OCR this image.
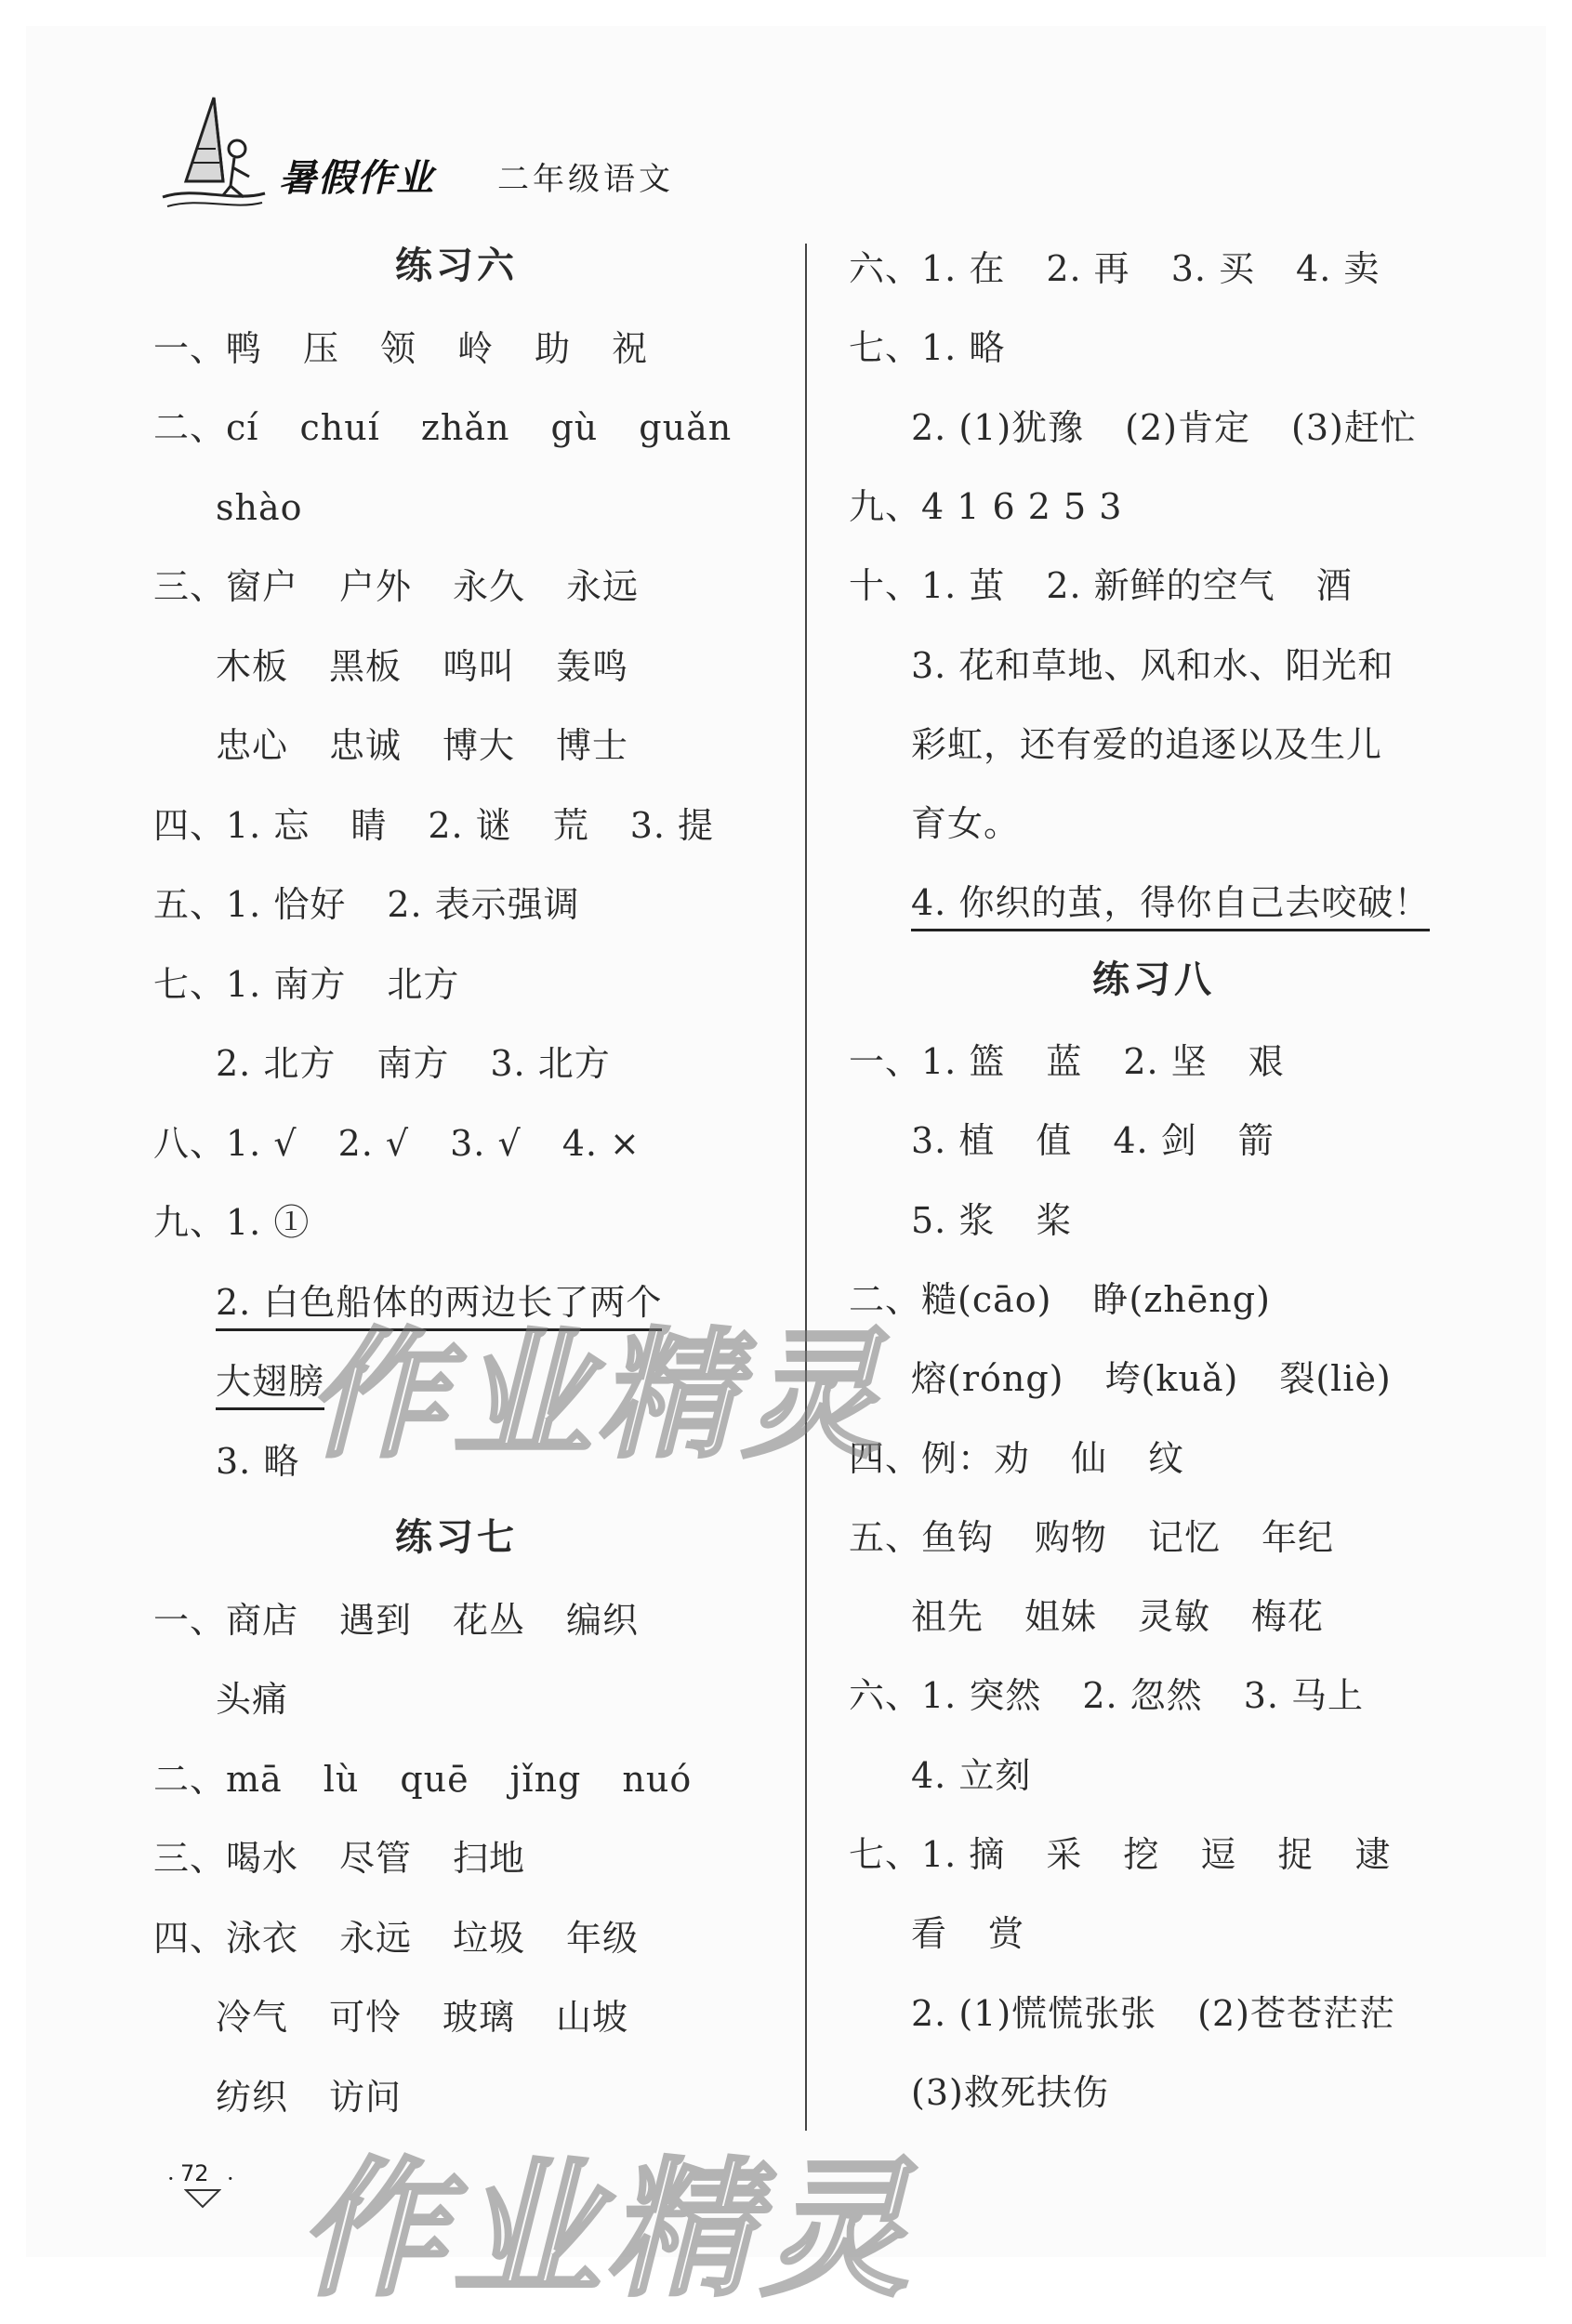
暑假作业 二年级语文
练习六
一、鸭 压 领 岭 助 祝
二、cí chuí zhǎn gù guǎn
shào
三、窗户 户外 永久 永远
木板 黑板 鸣叫 轰鸣
忠心 忠诚 博大 博士
四、1. 忘 睛 2. 谜 荒 3. 提
五、1. 恰好 2. 表示强调
七、1. 南方 北方
2. 北方 南方 3. 北方
八、1. √ 2. √ 3. √ 4. ×
九、1. ①
2. 白色船体的两边长了两个
大翅膀
3. 略
练习七
一、商店 遇到 花丛 编织
头痛
二、mā lù quē jǐng nuó
三、喝水 尽管 扫地
四、泳衣 永远 垃圾 年级
冷气 可怜 玻璃 山坡
纺织 访问
六、1. 在 2. 再 3. 买 4. 卖
七、1. 略
2. (1)犹豫 (2)肯定 (3)赶忙
九、4 1 6 2 5 3
十、1. 茧 2. 新鲜的空气 酒
3. 花和草地、风和水、阳光和
彩虹，还有爱的追逐以及生儿
育女。
4. 你织的茧，得你自己去咬破！
练习八
一、1. 篮 蓝 2. 坚 艰
3. 植 值 4. 剑 箭
5. 浆 桨
二、糙(cāo) 睁(zhēng)
熔(róng) 垮(kuǎ) 裂(liè)
四、例：劝 仙 纹
五、鱼钩 购物 记忆 年纪
祖先 姐妹 灵敏 梅花
六、1. 突然 2. 忽然 3. 马上
4. 立刻
七、1. 摘 采 挖 逗 捉 逮
看 赏
2. (1)慌慌张张 (2)苍苍茫茫
(3)救死扶伤
作业精灵
作业精灵
· 72 ·
